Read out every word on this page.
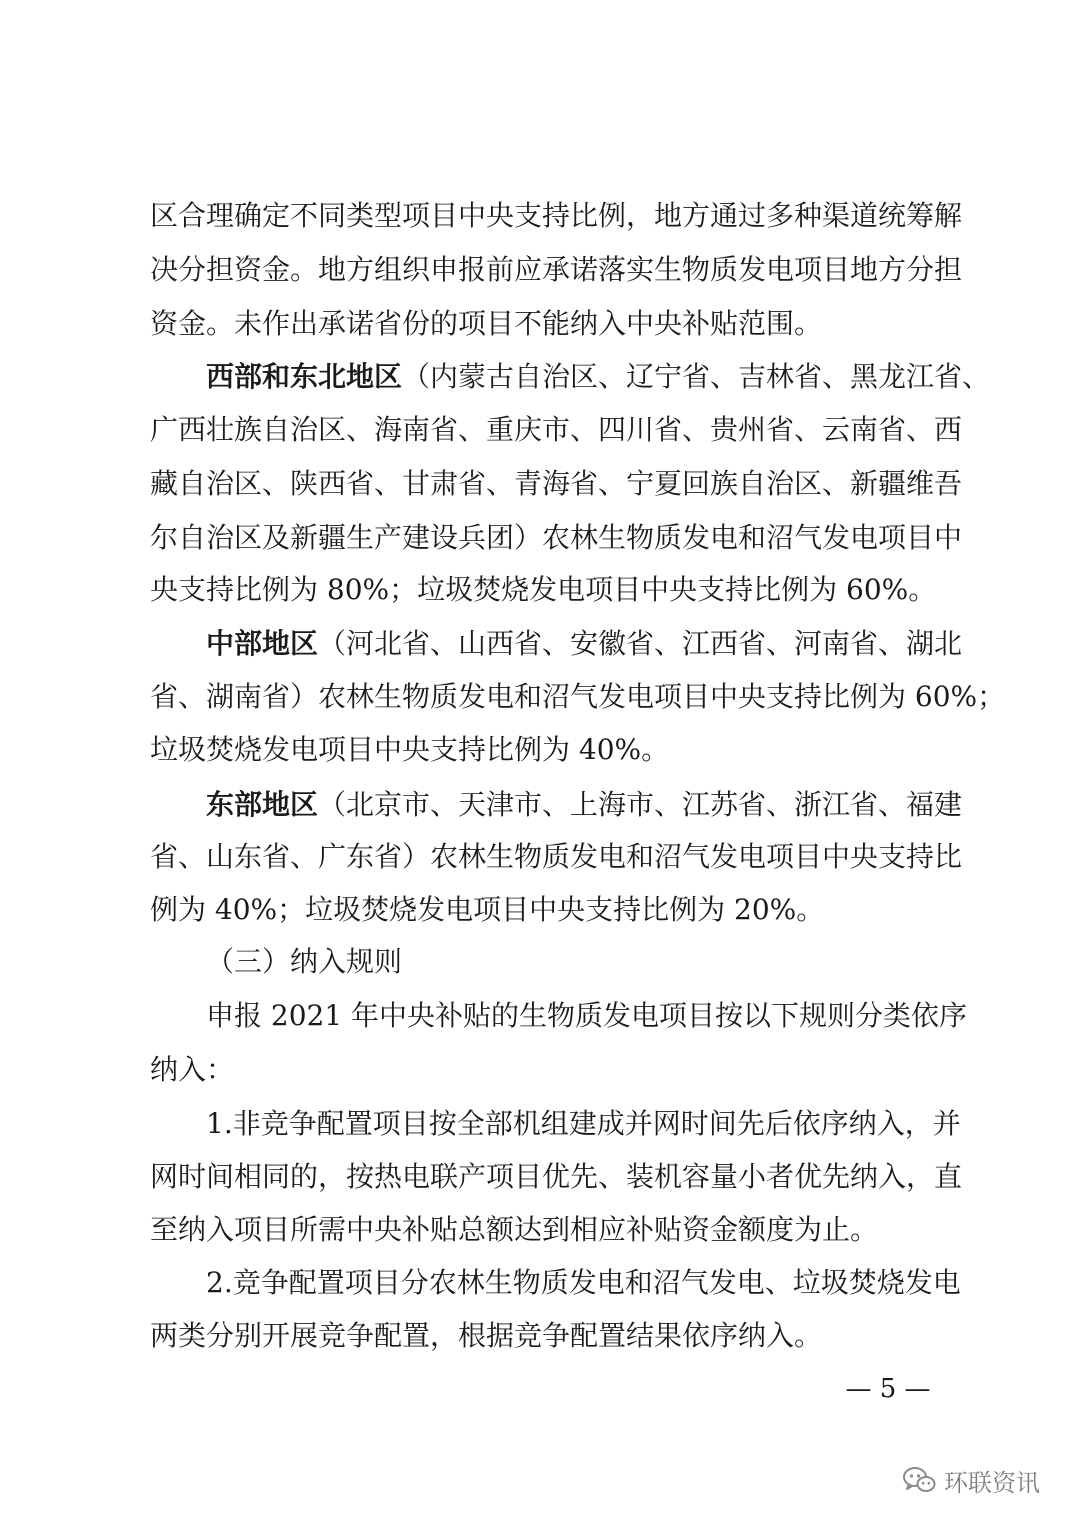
区合理确定不同类型项目中央支持比例，地方通过多种渠道统筹解
决分担资金。地方组织申报前应承诺落实生物质发电项目地方分担
资金。未作出承诺省份的项目不能纳入中央补贴范围。
西部和东北地区（内蒙古自治区、辽宁省、吉林省、黑龙江省、
广西壮族自治区、海南省、重庆市、四川省、贵州省、云南省、西
藏自治区、陕西省、甘肃省、青海省、宁夏回族自治区、新疆维吾
尔自治区及新疆生产建设兵团）农林生物质发电和沼气发电项目中
央支持比例为 80%；垃圾焚烧发电项目中央支持比例为 60%。
中部地区（河北省、山西省、安徽省、江西省、河南省、湖北
省、湖南省）农林生物质发电和沼气发电项目中央支持比例为 60%；
垃圾焚烧发电项目中央支持比例为 40%。
东部地区（北京市、天津市、上海市、江苏省、浙江省、福建
省、山东省、广东省）农林生物质发电和沼气发电项目中央支持比
例为 40%；垃圾焚烧发电项目中央支持比例为 20%。
（三）纳入规则
申报 2021 年中央补贴的生物质发电项目按以下规则分类依序
纳入：
1.非竞争配置项目按全部机组建成并网时间先后依序纳入，并
网时间相同的，按热电联产项目优先、装机容量小者优先纳入，直
至纳入项目所需中央补贴总额达到相应补贴资金额度为止。
2.竞争配置项目分农林生物质发电和沼气发电、垃圾焚烧发电
两类分别开展竞争配置，根据竞争配置结果依序纳入。
— 5 —
环联资讯
